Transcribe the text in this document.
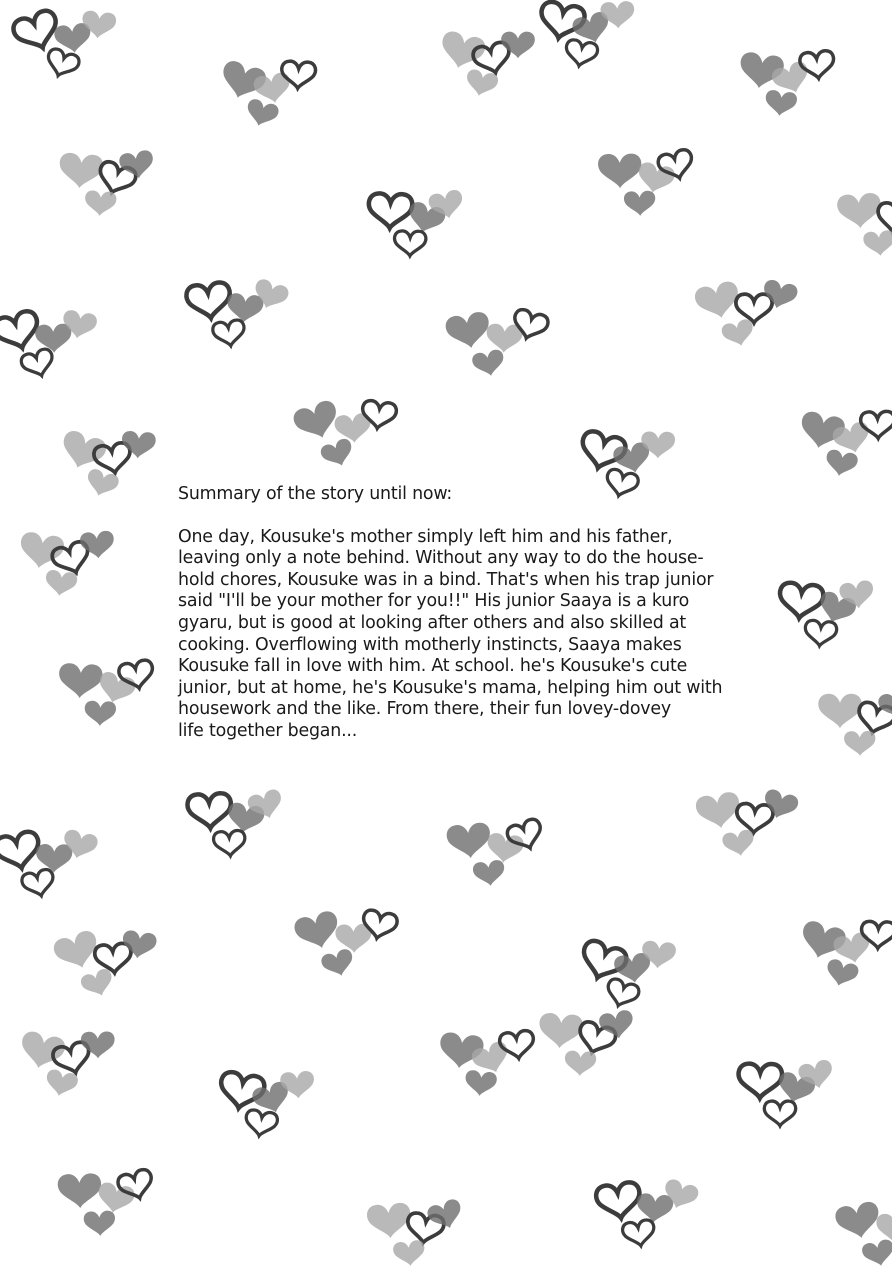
Summary of the story until now:
One day, Kousuke's mother simply left him and his father,
leaving only a note behind. Without any way to do the house-
hold chores, Kousuke was in a bind. That's when his trap junior
said "I'll be your mother for you!!" His junior Saaya is a kuro
gyaru, but is good at looking after others and also skilled at
cooking. Overflowing with motherly instincts, Saaya makes
Kousuke fall in love with him. At school. he's Kousuke's cute
junior, but at home, he's Kousuke's mama, helping him out with
housework and the like. From there, their fun lovey-dovey
life together began...
